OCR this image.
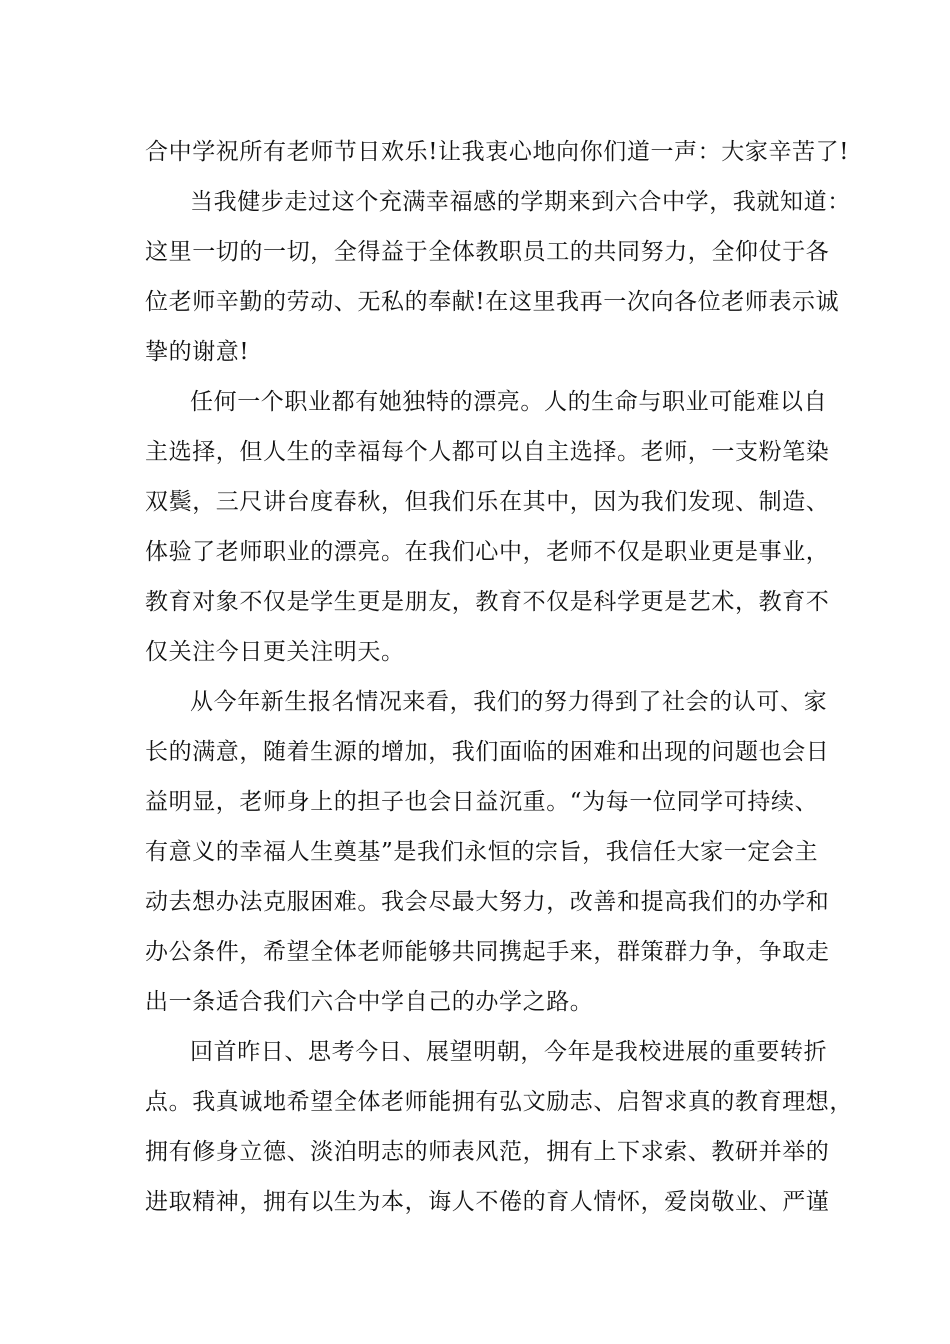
合中学祝所有老师节日欢乐!让我衷心地向你们道一声：大家辛苦了!
当我健步走过这个充满幸福感的学期来到六合中学，我就知道：
这里一切的一切，全得益于全体教职员工的共同努力，全仰仗于各
位老师辛勤的劳动、无私的奉献!在这里我再一次向各位老师表示诚
挚的谢意!
任何一个职业都有她独特的漂亮。人的生命与职业可能难以自
主选择，但人生的幸福每个人都可以自主选择。老师，一支粉笔染
双鬓，三尺讲台度春秋，但我们乐在其中，因为我们发现、制造、
体验了老师职业的漂亮。在我们心中，老师不仅是职业更是事业，
教育对象不仅是学生更是朋友，教育不仅是科学更是艺术，教育不
仅关注今日更关注明天。
从今年新生报名情况来看，我们的努力得到了社会的认可、家
长的满意，随着生源的增加，我们面临的困难和出现的问题也会日
益明显，老师身上的担子也会日益沉重。“为每一位同学可持续、
有意义的幸福人生奠基”是我们永恒的宗旨，我信任大家一定会主
动去想办法克服困难。我会尽最大努力，改善和提高我们的办学和
办公条件，希望全体老师能够共同携起手来，群策群力争，争取走
出一条适合我们六合中学自己的办学之路。
回首昨日、思考今日、展望明朝，今年是我校进展的重要转折
点。我真诚地希望全体老师能拥有弘文励志、启智求真的教育理想，
拥有修身立德、淡泊明志的师表风范，拥有上下求索、教研并举的
进取精神，拥有以生为本，诲人不倦的育人情怀，爱岗敬业、严谨
